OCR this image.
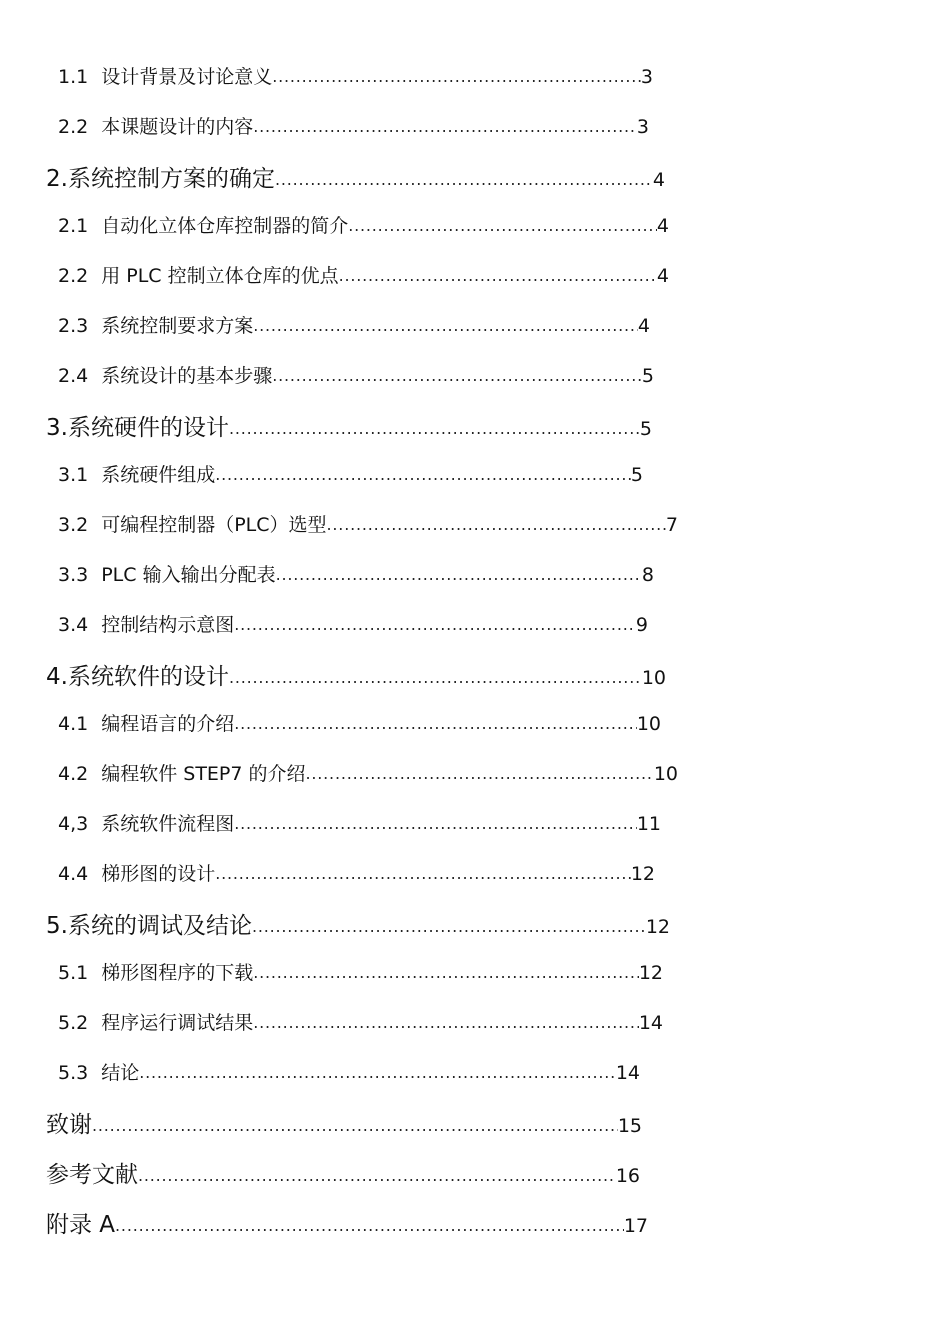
1.1 设计背景及讨论意义 .....	3
2.2 本课题设计的内容 .....	3
2.系统控制方案的确定 .....	4
2.1 自动化立体仓库控制器的简介 .....	4
2.2 用 PLC 控制立体仓库的优点 .....	4
2.3 系统控制要求方案 .....	4
2.4 系统设计的基本步骤 .....	5
3.系统硬件的设计 .....	5
3.1 系统硬件组成 .....	5
3.2 可编程控制器（PLC）选型 .....	7
3.3 PLC 输入输出分配表 .....	8
3.4 控制结构示意图 .....	9
4.系统软件的设计 .....	10
4.1 编程语言的介绍 .....	10
4.2 编程软件 STEP7 的介绍 .....	10
4,3 系统软件流程图 .....	11
4.4 梯形图的设计 .....	12
5.系统的调试及结论 .....	12
5.1 梯形图程序的下载 .....	12
5.2 程序运行调试结果 .....	14
5.3 结论 .....	14
致谢 .....	15
参考文献 .....	16
附录 A .....	17
